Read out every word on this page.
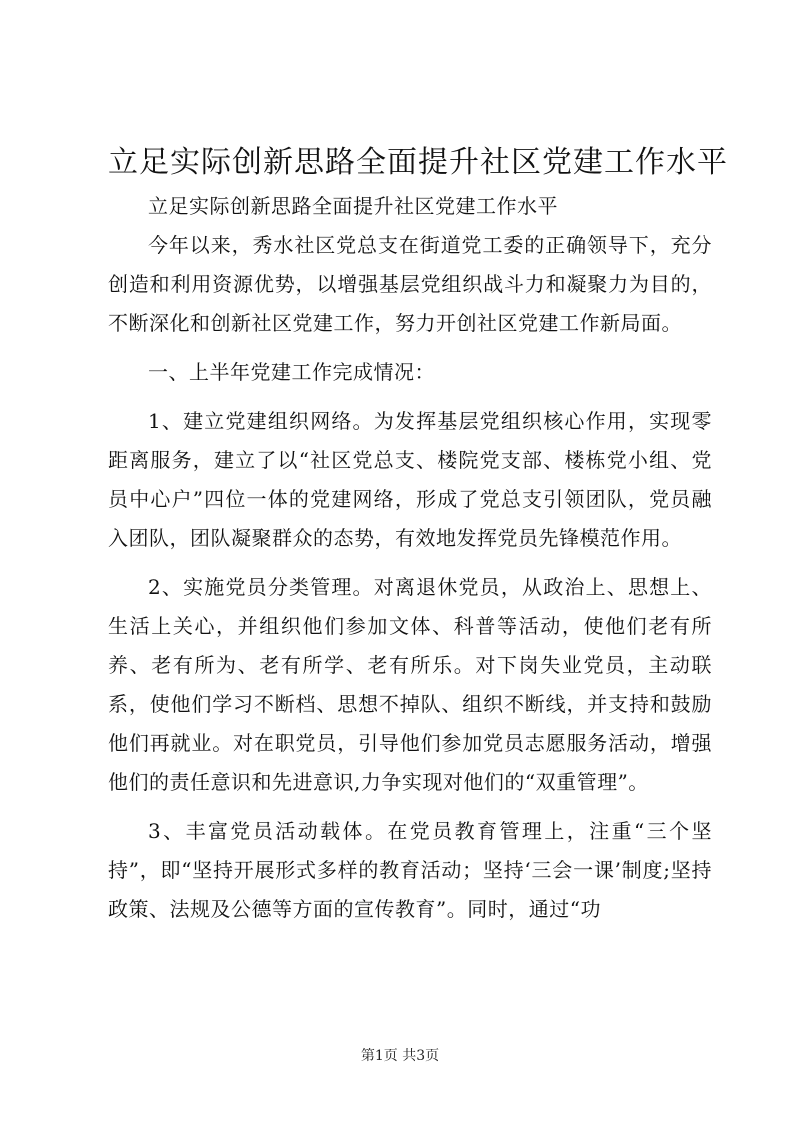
立足实际创新思路全面提升社区党建工作水平

立足实际创新思路全面提升社区党建工作水平

今年以来，秀水社区党总支在街道党工委的正确领导下，充分创造和利用资源优势，以增强基层党组织战斗力和凝聚力为目的，不断深化和创新社区党建工作，努力开创社区党建工作新局面。

一、上半年党建工作完成情况：

1、建立党建组织网络。为发挥基层党组织核心作用，实现零距离服务，建立了以“社区党总支、楼院党支部、楼栋党小组、党员中心户”四位一体的党建网络，形成了党总支引领团队，党员融入团队，团队凝聚群众的态势，有效地发挥党员先锋模范作用。

2、实施党员分类管理。对离退休党员，从政治上、思想上、生活上关心，并组织他们参加文体、科普等活动，使他们老有所养、老有所为、老有所学、老有所乐。对下岗失业党员，主动联系，使他们学习不断档、思想不掉队、组织不断线，并支持和鼓励他们再就业。对在职党员，引导他们参加党员志愿服务活动，增强他们的责任意识和先进意识,力争实现对他们的“双重管理”。

3、丰富党员活动载体。在党员教育管理上，注重“三个坚持”，即“坚持开展形式多样的教育活动；坚持‘三会一课’制度;坚持政策、法规及公德等方面的宣传教育”。同时，通过“功

第1页 共3页
